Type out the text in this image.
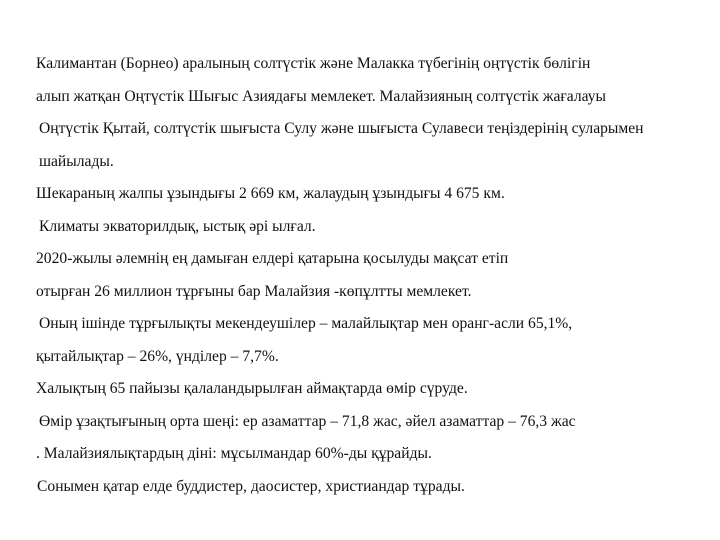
Калимантан (Борнео) аралының солтүстік және Малакка түбегінің оңтүстік бөлігін
алып жатқан Оңтүстік Шығыс Азиядағы мемлекет. Малайзияның солтүстік жағалауы
Оңтүстік Қытай, солтүстік шығыста Сулу және шығыста Сулавеси теңіздерінің суларымен
шайылады.
Шекараның жалпы ұзындығы 2 669 км, жалаудың ұзындығы 4 675 км.
Климаты экваторилдық, ыстық әрі ылғал.
2020-жылы әлемнің ең дамыған елдері қатарына қосылуды мақсат етіп
отырған 26 миллион тұрғыны бар Малайзия -көпұлтты мемлекет.
Оның ішінде тұрғылықты мекендеушілер – малайлықтар мен оранг-асли 65,1%,
қытайлықтар – 26%, үнділер – 7,7%.
Халықтың 65 пайызы қалаландырылған аймақтарда өмір сүруде.
Өмір ұзақтығының орта шеңі: ер азаматтар – 71,8 жас, әйел азаматтар – 76,3 жас
. Малайзиялықтардың діні: мұсылмандар 60%-ды құрайды.
Сонымен қатар елде буддистер, даосистер, христиандар тұрады.
